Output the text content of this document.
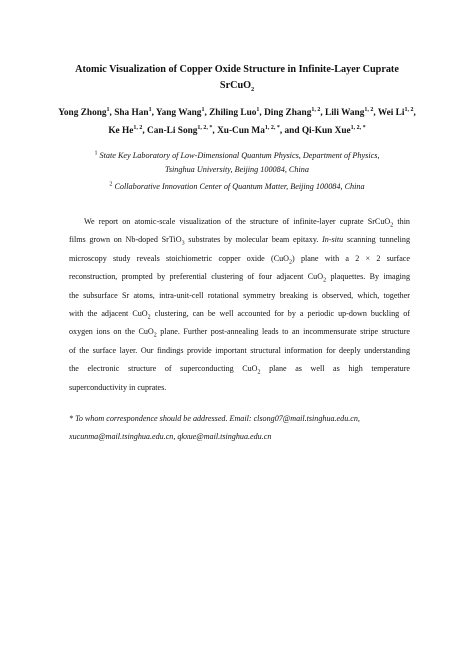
Atomic Visualization of Copper Oxide Structure in Infinite-Layer Cuprate
SrCuO$_2$
Yong Zhong$^1$, Sha Han$^1$, Yang Wang$^1$, Zhiling Luo$^1$, Ding Zhang$^{1, 2}$, Lili Wang$^{1, 2}$, Wei Li$^{1, 2}$,
Ke He$^{1, 2}$, Can-Li Song$^{1, 2, *}$, Xu-Cun $Ma^{1, 2, *}$, and Qi-Kun Xue$^{1, 2, *}$
$^1$ State Key Laboratory of Low-Dimensional Quantum Physics, Department of Physics,
Tsinghua University, Beijing 100084, China
$^2$ Collaborative Innovation Center of Quantum Matter, Beijing 100084, China
We report on atomic-scale visualization of the structure of infinite-layer cuprate SrCuO$_2$ thin
films grown on Nb-doped SrTiO$_3$ substrates by molecular beam epitaxy. In-situ scanning tunneling
microscopy study reveals stoichiometric copper oxide (CuO$_2$) plane with a 2 × 2 surface
reconstruction, prompted by preferential clustering of four adjacent CuO$_2$ plaquettes. By imaging
the subsurface Sr atoms, intra-unit-cell rotational symmetry breaking is observed, which, together
with the adjacent CuO$_2$ clustering, can be well accounted for by a periodic up-down buckling of
oxygen ions on the CuO$_2$ plane. Further post-annealing leads to an incommensurate stripe structure
of the surface layer. Our findings provide important structural information for deeply understanding
the electronic structure of superconducting CuO$_2$ plane as well as high temperature
superconductivity in cuprates.
* To whom correspondence should be addressed. Email: clsong07@mail.tsinghua.edu.cn,
xucunma@mail.tsinghua.edu.cn, qkxue@mail.tsinghua.edu.cn
